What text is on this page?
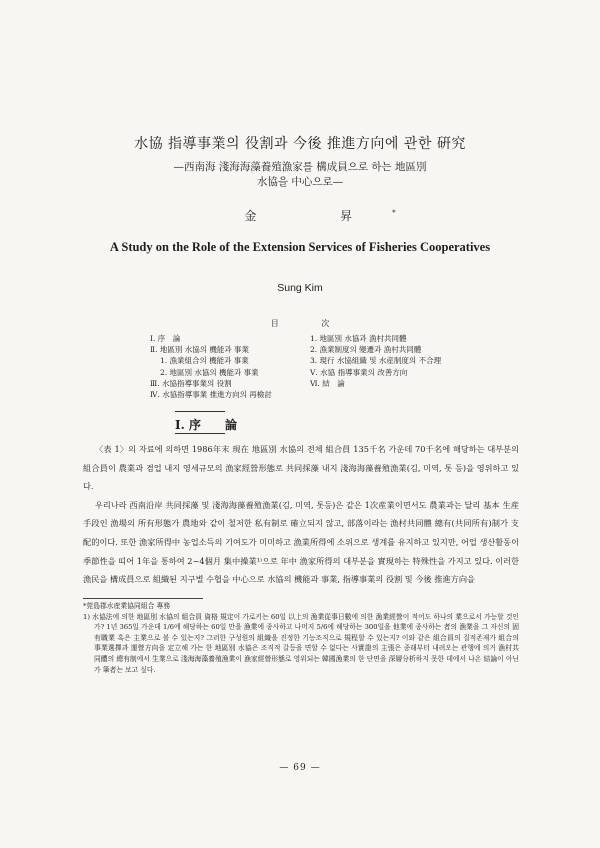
水協 指導事業의 役割과 今後 推進方向에 관한 硏究
—西南海 淺海海藻養殖漁家를 構成員으로 하는 地區別
水協을 中心으로—
金 昇*
A Study on the Role of the Extension Services of Fisheries Cooperatives
Sung Kim
目 次
Ⅰ. 序　論
Ⅱ. 地區別 水協의 機能과 事業
1. 漁業組合의 機能과 事業
2. 地區別 水協의 機能과 事業
Ⅲ. 水協指導事業의 役割
Ⅳ. 水協指導事業 推進方向의 再檢討
1. 地區別 水協과 漁村共同體
2. 漁業制度의 變遷과 漁村共同體
3. 現行 水協組織 및 水産制度의 不合理
Ⅴ. 水協 指導事業의 改善方向
Ⅵ. 結　論
Ⅰ. 序　　論

〈表 1〉의 자료에 의하면 1986年末 現在 地區別 水協의 전체 組合員 135千名 가운데 70千名에 해당하는 대부분의 組合員이 農業과 겸업 내지 영세규모의 漁家經營形態로 共同採藻 내지 淺海海藻養殖漁業(김, 미역, 톳 등)을 영위하고 있다.

우리나라 西南沿岸 共同採藻 및 淺海海藻養殖漁業(김, 미역, 톳등)은 같은 1次産業이면서도 農業과는 달리 基本 生産手段인 漁場의 所有形態가 農地와 같이 철저한 私有制로 確立되지 않고, 部落이라는 漁村共同體 總有(共同所有)制가 支配的이다. 또한 漁家所得中 농업소득의 기여도가 미미하고 漁業所得에 소위으로 생계를 유지하고 있지만, 어업 생산활동이 季節性을 띠어 1年을 통하여 2~4個月 集中操業¹⁾으로 年中 漁家所得의 대부분을 實現하는 特殊性을 가지고 있다. 이러한 漁民을 構成員으로 組織된 지구별 수협을 中心으로 水協의 機能과 事業, 指導事業의 役割 및 今後 推進方向을

*莞島郡水産業協同組合 專務

1) 水協法에 의한 地區別 水協의 組合員 資格 規定이 가로키는 60일 以上의 漁業從事日數에 의한 漁業經營이 적어도 하나의 業으로서 가능할 것인가? 1년 365일 가운데 1/6에 해당하는 60일 만을 漁業에 종사하고 나머지 5/6에 해당하는 300일을 他業에 종사하는 者의 漁業을 그 자신의 固有職業 혹은 主業으로 볼 수 있는지? 그러한 구성원의 組織을 진정한 기능조직으로 規程할 수 있는지? 이와 같은 組合員의 질적존재가 組合의 事業選擇과 運營方向을 定立해 가는 한 地區別 水協은 조직적 갈등을 면할 수 없다는 사實證의 主張은 종래부터 내려오는 관행에 의거 漁村共同體의 總有制에서 生業으로 淺海海藻養殖漁業이 漁家經營形態로 영위되는 韓國漁業의 한 단면을 深層分析하지 못한 데에서 나온 結論이 아닌가 筆者는 보고 싶다.

— 69 —
